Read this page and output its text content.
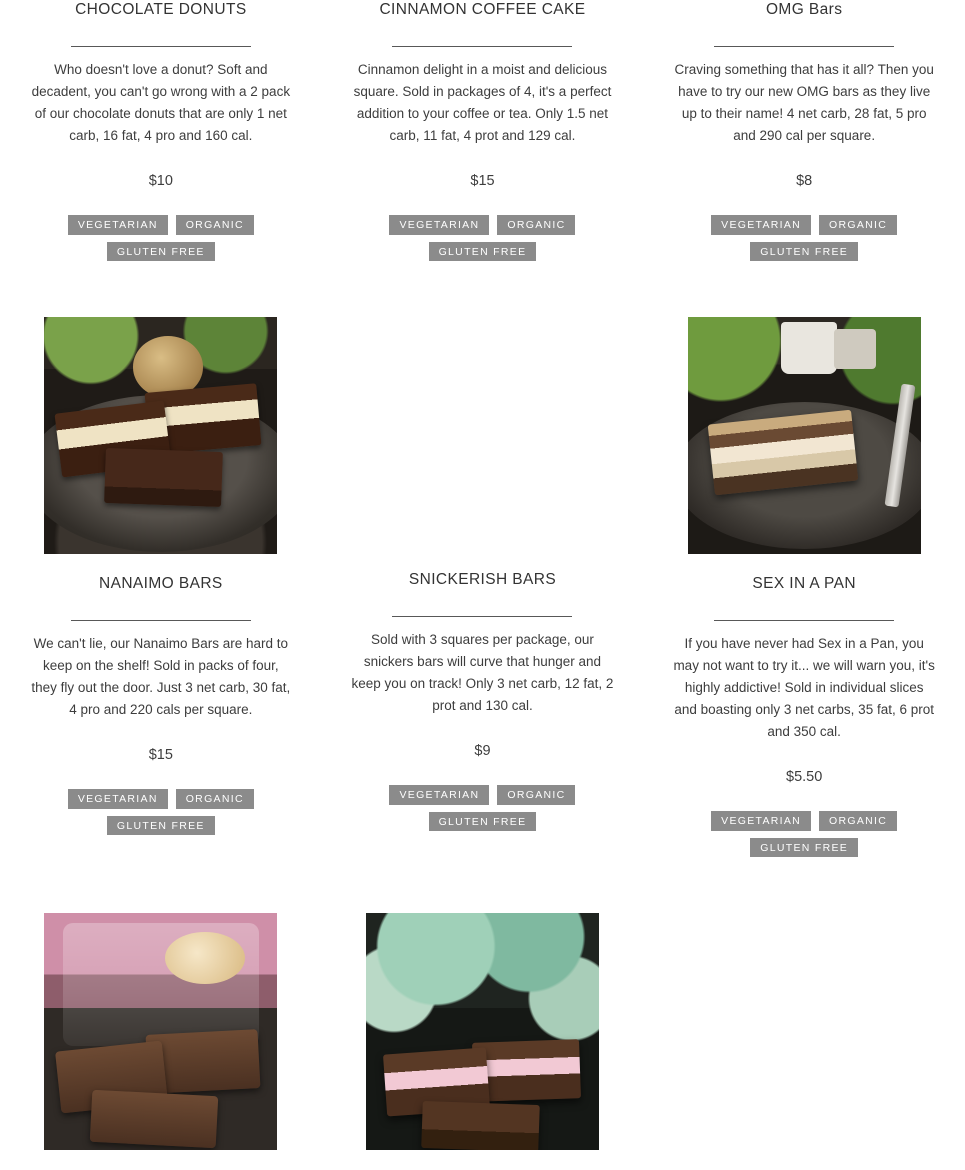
CHOCOLATE DONUTS

Who doesn't love a donut? Soft and decadent, you can't go wrong with a 2 pack of our chocolate donuts that are only 1 net carb, 16 fat, 4 pro and 160 cal.

$10
VEGETARIAN	ORGANIC
GLUTEN FREE
CINNAMON COFFEE CAKE

Cinnamon delight in a moist and delicious square. Sold in packages of 4, it's a perfect addition to your coffee or tea. Only 1.5 net carb, 11 fat, 4 prot and 129 cal.

$15
VEGETARIAN	ORGANIC
GLUTEN FREE
OMG Bars

Craving something that has it all? Then you have to try our new OMG bars as they live up to their name! 4 net carb, 28 fat, 5 pro and 290 cal per square.

$8
VEGETARIAN	ORGANIC
GLUTEN FREE
NANAIMO BARS

We can't lie, our Nanaimo Bars are hard to keep on the shelf! Sold in packs of four, they fly out the door. Just 3 net carb, 30 fat, 4 pro and 220 cals per square.

$15
VEGETARIAN	ORGANIC
GLUTEN FREE
SNICKERISH BARS

Sold with 3 squares per package, our snickers bars will curve that hunger and keep you on track! Only 3 net carb, 12 fat, 2 prot and 130 cal.

$9
VEGETARIAN	ORGANIC
GLUTEN FREE
SEX IN A PAN

If you have never had Sex in a Pan, you may not want to try it... we will warn you, it's highly addictive! Sold in individual slices and boasting only 3 net carbs, 35 fat, 6 prot and 350 cal.

$5.50
VEGETARIAN	ORGANIC
GLUTEN FREE
